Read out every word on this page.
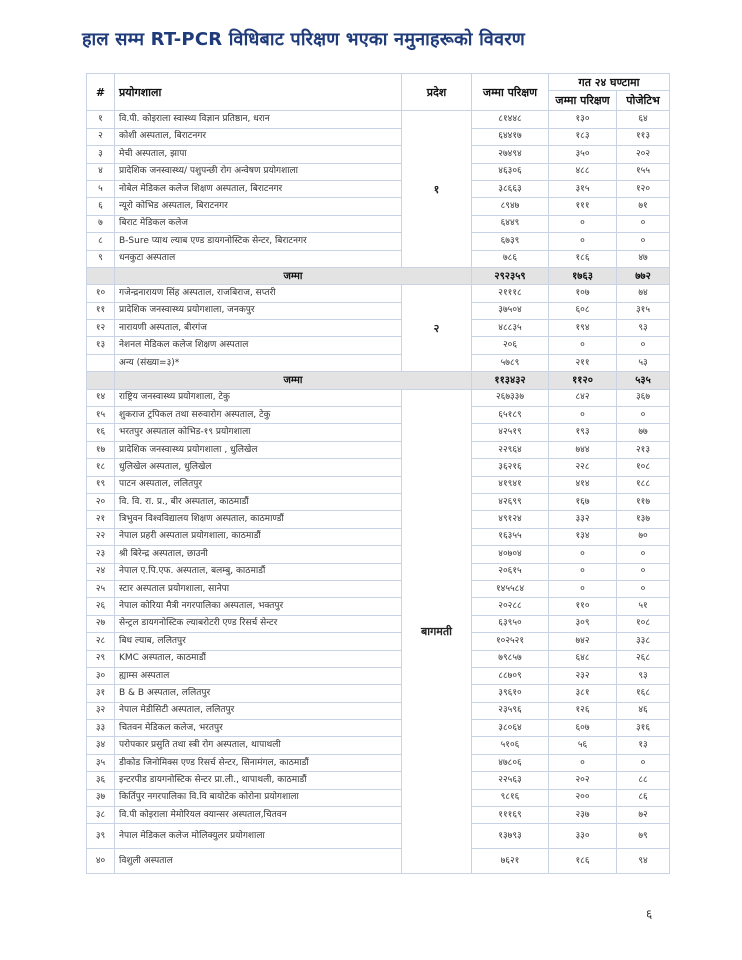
हाल सम्म RT-PCR विधिबाट परिक्षण भएका नमुनाहरूको विवरण
#	प्रयोगशाला	प्रदेश	जम्मा परिक्षण	गत २४ घण्टामा	
				जम्मा परिक्षण	पोजेटिभ
१	वि.पी. कोइराला स्वास्थ्य विज्ञान प्रतिष्ठान, धरान	१	८१४४८	१३०	६४
२	कोशी अस्पताल, बिराटनगर		६४४१७	१८३	११३
३	मेची अस्पताल, झापा		२७४९४	३५०	२०२
४	प्रादेशिक जनस्वास्थ्य/ पशुपन्छी रोग अन्वेषण प्रयोगशाला		४६३०६	४८८	१५५
५	नोबेल मेडिकल कलेज शिक्षण अस्पताल, बिराटनगर		३८६६३	३१५	१२०
६	न्यूरो कोभिड अस्पताल, बिराटनगर		८९४७	१११	७१
७	बिराट मेडिकल कलेज		६४४९	०	०
८	B-Sure प्याथ ल्याब एण्ड डायगनोस्टिक सेन्टर, बिराटनगर		६७३९	०	०
९	धनकुटा अस्पताल		७८६	१८६	४७
	जम्मा		२९२३५९	१७६३	७७२
१०	गजेन्द्रनारायण सिंह अस्पताल, राजबिराज, सप्तरी	२	२१११८	१०७	७४
११	प्रादेशिक जनस्वास्थ्य प्रयोगशाला, जनकपुर		३७५०४	६०८	३१५
१२	नारायणी अस्पताल, बीरगंज		४८८३५	१९४	९३
१३	नेशनल मेडिकल कलेज शिक्षण अस्पताल		२०६	०	०
	अन्य (संख्या=३)*		५७८९	२११	५३
	जम्मा		११३४३२	११२०	५३५
१४	राष्ट्रिय जनस्वास्थ्य प्रयोगशाला, टेकु	बागमती	२६७३३७	८४२	३६७
१५	शुकराज ट्रपिकल तथा सरुवारोग अस्पताल, टेकु		६५१८९	०	०
१६	भरतपुर अस्पताल कोभिड-१९ प्रयोगशाला		४२५१९	१९३	७७
१७	प्रादेशिक जनस्वास्थ्य प्रयोगशाला , धुलिखेल		२२९६४	७४४	२१३
१८	धुलिखेल अस्पताल, धुलिखेल		३६२१६	२२८	१०८
१९	पाटन अस्पताल, ललितपुर		४१९४१	४१४	१८८
२०	वि. वि. रा. प्र., बीर अस्पताल, काठमाडौं		४२६९९	१६७	११७
२१	त्रिभुवन विश्वविद्यालय शिक्षण अस्पताल, काठमाण्डौं		४९१२४	३३२	१३७
२२	नेपाल प्रहरी अस्पताल प्रयोगशाला, काठमाडौं		१६३५५	१३४	७०
२३	श्री बिरेन्द्र अस्पताल, छाउनी		४०७०४	०	०
२४	नेपाल ए.पि.एफ. अस्पताल, बलम्बु, काठमाडौं		२०६१५	०	०
२५	स्टार अस्पताल प्रयोगशाला, सानेपा		१४५५८४	०	०
२६	नेपाल कोरिया मैत्री नगरपालिका अस्पताल, भक्तपुर		२०२८८	११०	५१
२७	सेन्ट्रल डायगनोस्टिक ल्याबरोटरी एण्ड रिसर्च सेन्टर		६३९५०	३०९	१०८
२८	बिध ल्याब, ललितपुर		१०२५२१	७४२	३३८
२९	KMC अस्पताल, काठमाडौं		७९८५७	६४८	२६८
३०	ह्याम्स अस्पताल		८८७०९	२३२	९३
३१	B & B अस्पताल, ललितपुर		३९६१०	३८१	१६८
३२	नेपाल मेडीसिटी अस्पताल, ललितपुर		२३५९६	१२६	४६
३३	चितवन मेडिकल कलेज, भरतपुर		३८०६४	६०७	३१६
३४	परोपकार प्रसुति तथा स्त्री रोग अस्पताल, थापाथली		५१०६	५६	१३
३५	डीकोड जिनोमिक्स एण्ड रिसर्च सेन्टर, सिनामंगल, काठमाडौं		४७८०६	०	०
३६	इन्टरपीड डायगनोस्टिक सेन्टर प्रा.ली., थापाथली, काठमाडौं		२२५६३	२०२	८८
३७	किर्तिपुर नगरपालिका वि.वि बायोटेक कोरोना प्रयोगशाला		९८१६	२००	८६
३८	वि.पी कोइराला मेमोरियल क्यान्सर अस्पताल,चितवन		१११६९	२३७	७२
३९	नेपाल मेडिकल कलेज मोलिक्युलर प्रयोगशाला		१३७९३	३३०	७९
४०	विशुली अस्पताल		७६२१	१८६	९४
६
